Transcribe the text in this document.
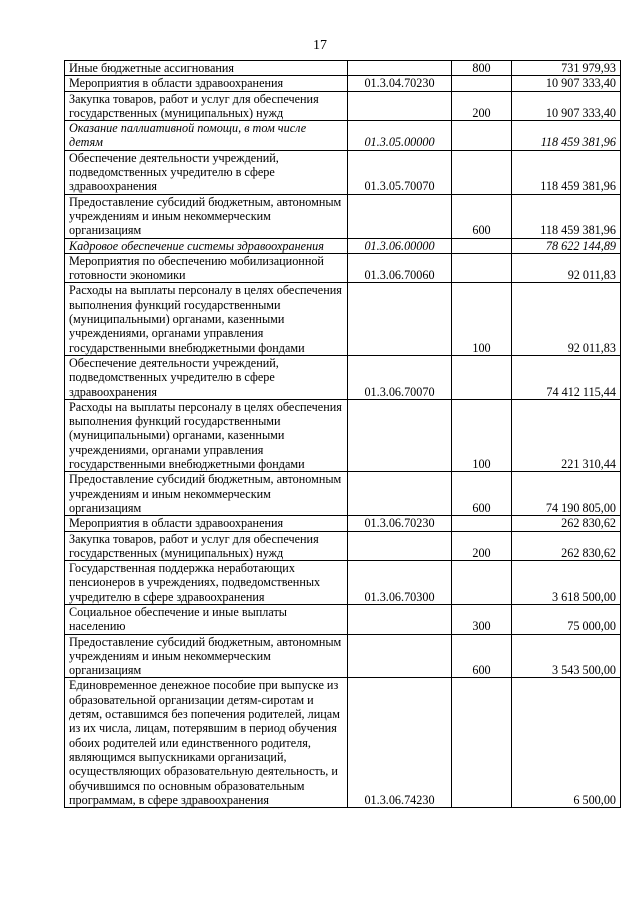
17
Иные бюджетные ассигнования		800	731 979,93
Мероприятия в области здравоохранения	01.3.04.70230		10 907 333,40
Закупка товаров, работ и услуг для обеспечения государственных (муниципальных) нужд		200	10 907 333,40
Оказание паллиативной помощи, в том числе детям	01.3.05.00000		118 459 381,96
Обеспечение деятельности учреждений, подведомственных учредителю в сфере здравоохранения	01.3.05.70070		118 459 381,96
Предоставление субсидий бюджетным, автономным учреждениям и иным некоммерческим организациям		600	118 459 381,96
Кадровое обеспечение системы здравоохранения	01.3.06.00000		78 622 144,89
Мероприятия по обеспечению мобилизационной готовности экономики	01.3.06.70060		92 011,83
Расходы на выплаты персоналу в целях обеспечения выполнения функций государственными (муниципальными) органами, казенными учреждениями, органами управления государственными внебюджетными фондами		100	92 011,83
Обеспечение деятельности учреждений, подведомственных учредителю в сфере здравоохранения	01.3.06.70070		74 412 115,44
Расходы на выплаты персоналу в целях обеспечения выполнения функций государственными (муниципальными) органами, казенными учреждениями, органами управления государственными внебюджетными фондами		100	221 310,44
Предоставление субсидий бюджетным, автономным учреждениям и иным некоммерческим организациям		600	74 190 805,00
Мероприятия в области здравоохранения	01.3.06.70230		262 830,62
Закупка товаров, работ и услуг для обеспечения государственных (муниципальных) нужд		200	262 830,62
Государственная поддержка неработающих пенсионеров в учреждениях, подведомственных учредителю в сфере здравоохранения	01.3.06.70300		3 618 500,00
Социальное обеспечение и иные выплаты населению		300	75 000,00
Предоставление субсидий бюджетным, автономным учреждениям и иным некоммерческим организациям		600	3 543 500,00
Единовременное денежное пособие при выпуске из образовательной организации детям-сиротам и детям, оставшимся без попечения родителей, лицам из их числа, лицам, потерявшим в период обучения обоих родителей или единственного родителя, являющимся выпускниками организаций, осуществляющих образовательную деятельность, и обучившимся по основным образовательным программам, в сфере здравоохранения	01.3.06.74230		6 500,00
